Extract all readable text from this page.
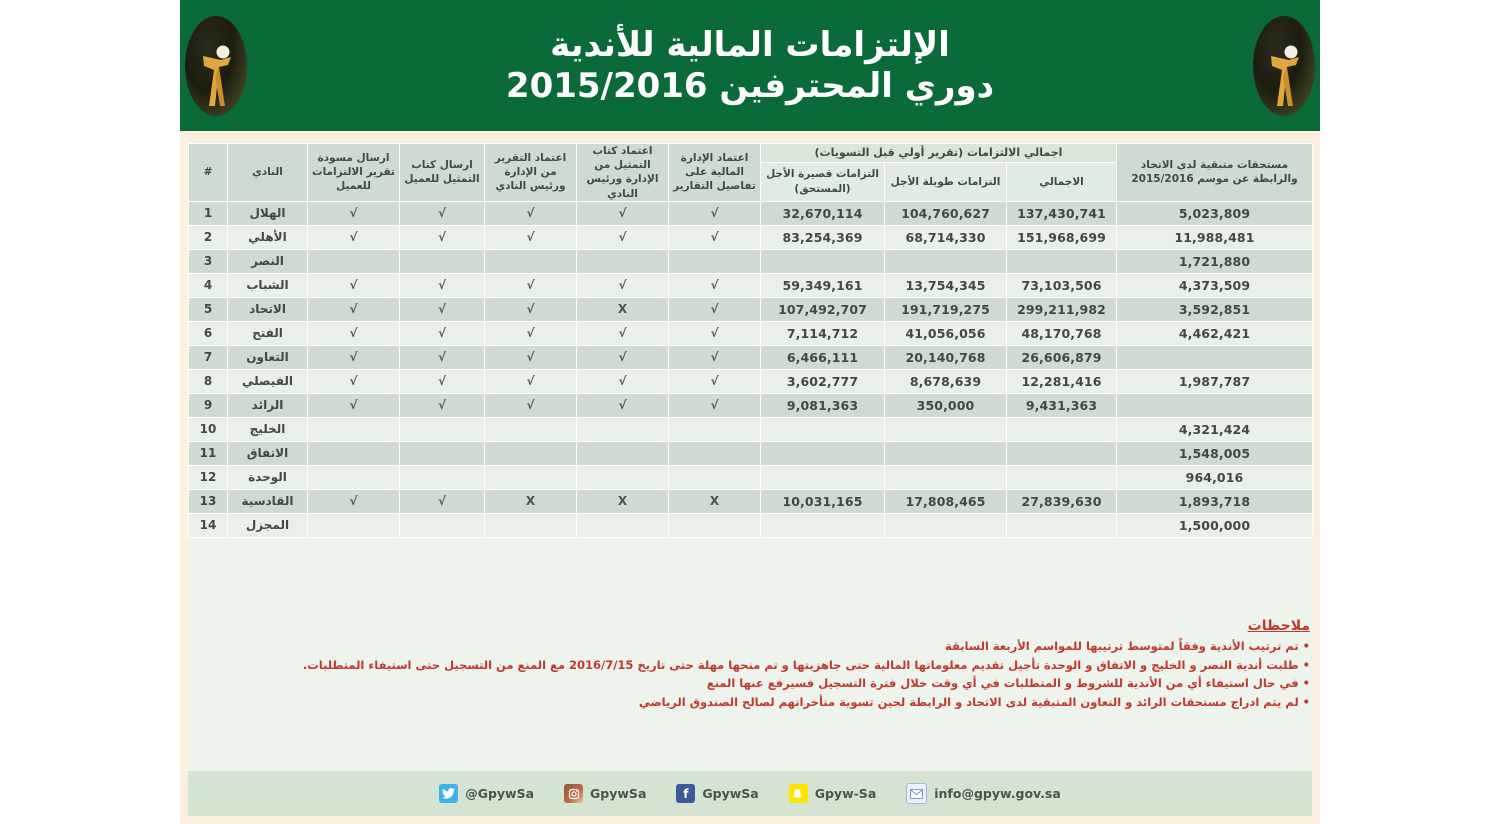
الإلتزامات المالية للأندية
دوري المحترفين 2015/2016
مستحقات متبقية لدى الاتحاد والرابطة عن موسم 2015/2016	اجمالي الالتزامات (تقرير أولي قبل التسويات)			اعتماد الإدارة المالية على تفاصيل التقارير	اعتماد كتاب التمثيل من الإدارة ورئيس النادي	اعتماد التقرير من الإدارة ورئيس النادي	ارسال كتاب التمثيل للعميل	ارسال مسودة تقرير الالتزامات للعميل	النادي	#
	الاجمالي	التزامات طويلة الأجل	التزامات قصيرة الأجل (المستحق)							
5,023,809	137,430,741	104,760,627	32,670,114	√	√	√	√	√	الهلال	1
11,988,481	151,968,699	68,714,330	83,254,369	√	√	√	√	√	الأهلي	2
1,721,880									النصر	3
4,373,509	73,103,506	13,754,345	59,349,161	√	√	√	√	√	الشباب	4
3,592,851	299,211,982	191,719,275	107,492,707	√	X	√	√	√	الاتحاد	5
4,462,421	48,170,768	41,056,056	7,114,712	√	√	√	√	√	الفتح	6
	26,606,879	20,140,768	6,466,111	√	√	√	√	√	التعاون	7
1,987,787	12,281,416	8,678,639	3,602,777	√	√	√	√	√	الفيصلي	8
	9,431,363	350,000	9,081,363	√	√	√	√	√	الرائد	9
4,321,424									الخليج	10
1,548,005									الاتفاق	11
964,016									الوحدة	12
1,893,718	27,839,630	17,808,465	10,031,165	X	X	X	√	√	القادسية	13
1,500,000									المجزل	14
ملاحظات
• تم ترتيب الأندية وفقاً لمتوسط ترتيبها للمواسم الأربعة السابقة
• طلبت أندية النصر و الخليج و الاتفاق و الوحدة تأجيل تقديم معلوماتها المالية حتى جاهزيتها و تم منحها مهلة حتى تاريخ 2016/7/15 مع المنع من التسجيل حتى استيفاء المتطلبات.
• في حال استيفاء أي من الأندية للشروط و المتطلبات في أي وقت خلال فترة التسجيل فسيرفع عنها المنع
• لم يتم ادراج مستحقات الرائد و التعاون المتبقية لدى الاتحاد و الرابطة لحين تسوية متأخراتهم لصالح الصندوق الرياضي
@GpywSa	GpywSa	f	GpywSa	Gpyw-Sa	info@gpyw.gov.sa
